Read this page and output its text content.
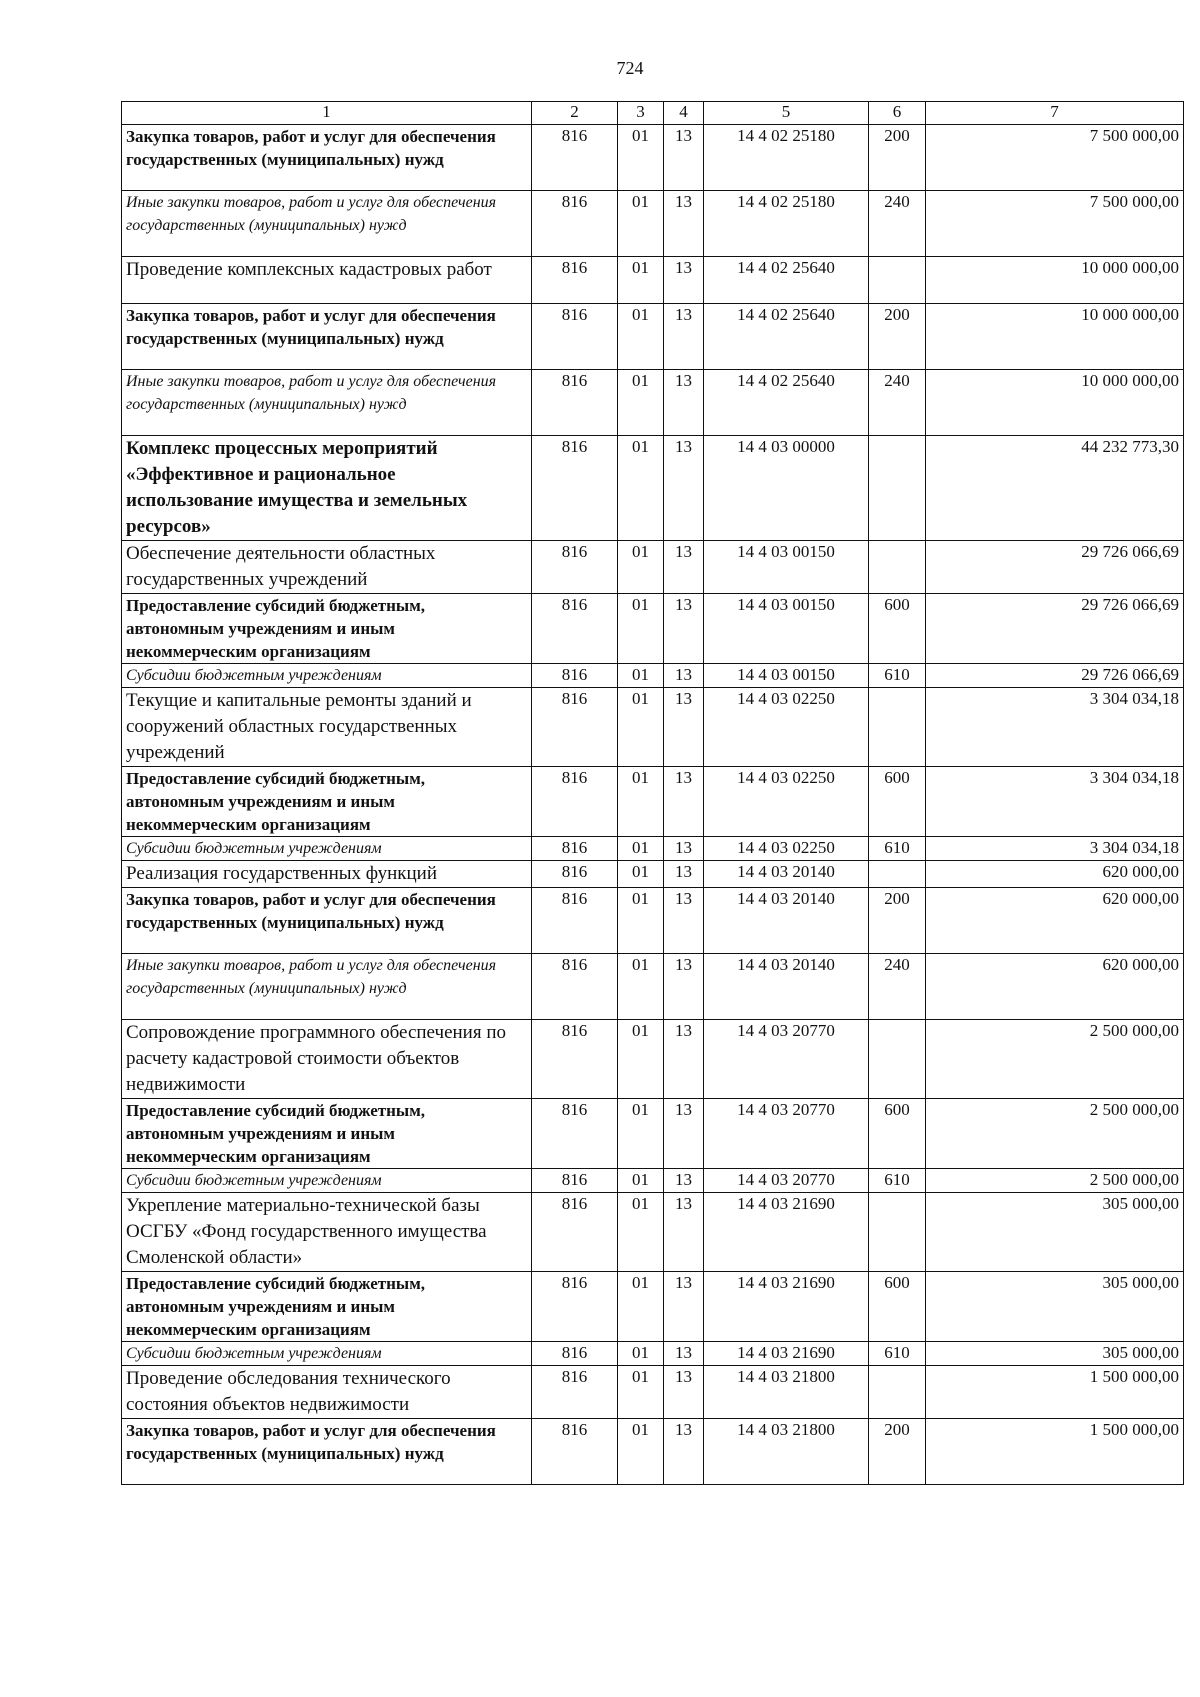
724
1	2	3	4	5	6	7
Закупка товаров, работ и услуг для обеспечения государственных (муниципальных) нужд	816	01	13	14 4 02 25180	200	7 500 000,00
Иные закупки товаров, работ и услуг для обеспечения государственных (муниципальных) нужд	816	01	13	14 4 02 25180	240	7 500 000,00
Проведение комплексных кадастровых работ	816	01	13	14 4 02 25640		10 000 000,00
Закупка товаров, работ и услуг для обеспечения государственных (муниципальных) нужд	816	01	13	14 4 02 25640	200	10 000 000,00
Иные закупки товаров, работ и услуг для обеспечения государственных (муниципальных) нужд	816	01	13	14 4 02 25640	240	10 000 000,00
Комплекс процессных мероприятий «Эффективное и рациональное использование имущества и земельных ресурсов»	816	01	13	14 4 03 00000		44 232 773,30
Обеспечение деятельности областных государственных учреждений	816	01	13	14 4 03 00150		29 726 066,69
Предоставление субсидий бюджетным, автономным учреждениям и иным некоммерческим организациям	816	01	13	14 4 03 00150	600	29 726 066,69
Субсидии бюджетным учреждениям	816	01	13	14 4 03 00150	610	29 726 066,69
Текущие и капитальные ремонты зданий и сооружений областных государственных учреждений	816	01	13	14 4 03 02250		3 304 034,18
Предоставление субсидий бюджетным, автономным учреждениям и иным некоммерческим организациям	816	01	13	14 4 03 02250	600	3 304 034,18
Субсидии бюджетным учреждениям	816	01	13	14 4 03 02250	610	3 304 034,18
Реализация государственных функций	816	01	13	14 4 03 20140		620 000,00
Закупка товаров, работ и услуг для обеспечения государственных (муниципальных) нужд	816	01	13	14 4 03 20140	200	620 000,00
Иные закупки товаров, работ и услуг для обеспечения государственных (муниципальных) нужд	816	01	13	14 4 03 20140	240	620 000,00
Сопровождение программного обеспечения по расчету кадастровой стоимости объектов недвижимости	816	01	13	14 4 03 20770		2 500 000,00
Предоставление субсидий бюджетным, автономным учреждениям и иным некоммерческим организациям	816	01	13	14 4 03 20770	600	2 500 000,00
Субсидии бюджетным учреждениям	816	01	13	14 4 03 20770	610	2 500 000,00
Укрепление материально-технической базы ОСГБУ «Фонд государственного имущества Смоленской области»	816	01	13	14 4 03 21690		305 000,00
Предоставление субсидий бюджетным, автономным учреждениям и иным некоммерческим организациям	816	01	13	14 4 03 21690	600	305 000,00
Субсидии бюджетным учреждениям	816	01	13	14 4 03 21690	610	305 000,00
Проведение обследования технического состояния объектов недвижимости	816	01	13	14 4 03 21800		1 500 000,00
Закупка товаров, работ и услуг для обеспечения государственных (муниципальных) нужд	816	01	13	14 4 03 21800	200	1 500 000,00
